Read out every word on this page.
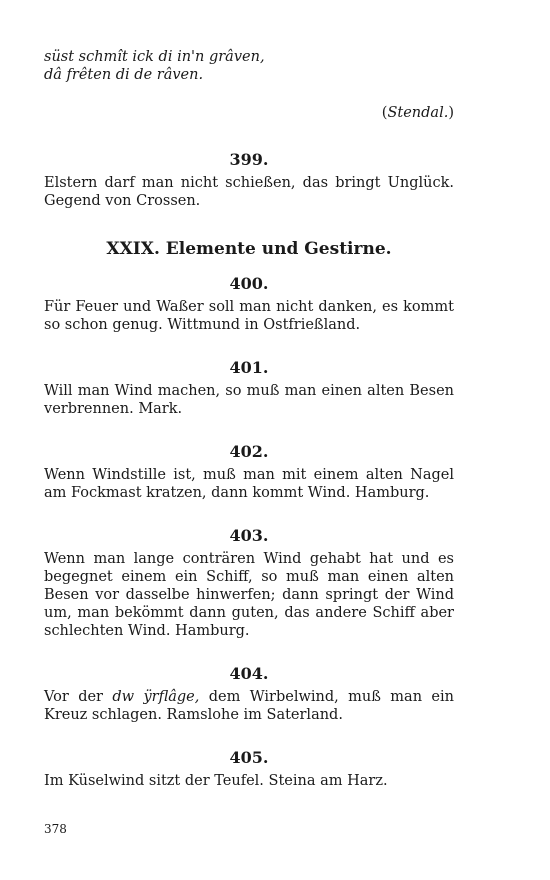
süst schmît ick di in'n grâven,

dâ frêten di de râven.

(Stendal.)

399.

Elstern darf man nicht schießen, das bringt Unglück. Gegend von Crossen.

XXIX. Elemente und Gestirne.

400.

Für Feuer und Waßer soll man nicht danken, es kommt so schon genug. Wittmund in Ostfrießland.

401.

Will man Wind machen, so muß man einen alten Besen verbrennen. Mark.

402.

Wenn Windstille ist, muß man mit einem alten Nagel am Fockmast kratzen, dann kommt Wind. Hamburg.

403.

Wenn man lange conträren Wind gehabt hat und es begegnet einem ein Schiff, so muß man einen alten Besen vor dasselbe hinwerfen; dann springt der Wind um, man bekömmt dann guten, das andere Schiff aber schlechten Wind. Hamburg.

404.

Vor der dw ÿrflâge, dem Wirbelwind, muß man ein Kreuz schlagen. Ramslohe im Saterland.

405.

Im Küselwind sitzt der Teufel. Steina am Harz.

378
